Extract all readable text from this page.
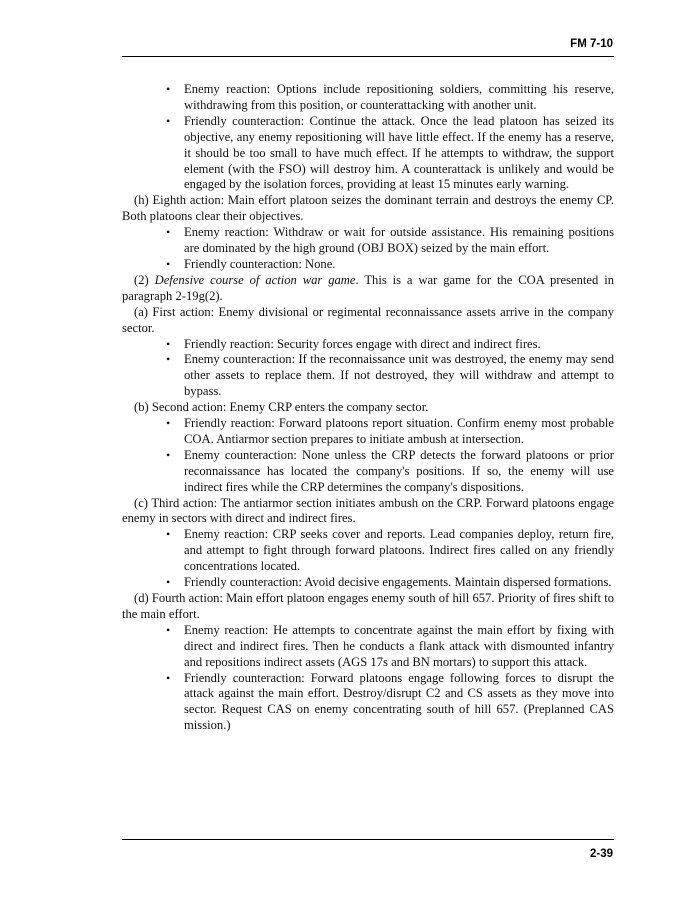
FM 7-10
• Enemy reaction: Options include repositioning soldiers, committing his reserve, withdrawing from this position, or counterattacking with another unit.
• Friendly counteraction: Continue the attack. Once the lead platoon has seized its objective, any enemy repositioning will have little effect. If the enemy has a reserve, it should be too small to have much effect. If he attempts to withdraw, the support element (with the FSO) will destroy him. A counterattack is unlikely and would be engaged by the isolation forces, providing at least 15 minutes early warning.

(h) Eighth action: Main effort platoon seizes the dominant terrain and destroys the enemy CP. Both platoons clear their objectives.

• Enemy reaction: Withdraw or wait for outside assistance. His remaining positions are dominated by the high ground (OBJ BOX) seized by the main effort.
• Friendly counteraction: None.

(2) Defensive course of action war game. This is a war game for the COA presented in paragraph 2-19g(2).

(a) First action: Enemy divisional or regimental reconnaissance assets arrive in the company sector.

• Friendly reaction: Security forces engage with direct and indirect fires.
• Enemy counteraction: If the reconnaissance unit was destroyed, the enemy may send other assets to replace them. If not destroyed, they will withdraw and attempt to bypass.

(b) Second action: Enemy CRP enters the company sector.

• Friendly reaction: Forward platoons report situation. Confirm enemy most probable COA. Antiarmor section prepares to initiate ambush at intersection.
• Enemy counteraction: None unless the CRP detects the forward platoons or prior reconnaissance has located the company's positions. If so, the enemy will use indirect fires while the CRP determines the company's dispositions.

(c) Third action: The antiarmor section initiates ambush on the CRP. Forward platoons engage enemy in sectors with direct and indirect fires.

• Enemy reaction: CRP seeks cover and reports. Lead companies deploy, return fire, and attempt to fight through forward platoons. Indirect fires called on any friendly concentrations located.
• Friendly counteraction: Avoid decisive engagements. Maintain dispersed formations.

(d) Fourth action: Main effort platoon engages enemy south of hill 657. Priority of fires shift to the main effort.

• Enemy reaction: He attempts to concentrate against the main effort by fixing with direct and indirect fires. Then he conducts a flank attack with dismounted infantry and repositions indirect assets (AGS 17s and BN mortars) to support this attack.
• Friendly counteraction: Forward platoons engage following forces to disrupt the attack against the main effort. Destroy/disrupt C2 and CS assets as they move into sector. Request CAS on enemy concentrating south of hill 657. (Preplanned CAS mission.)
2-39
